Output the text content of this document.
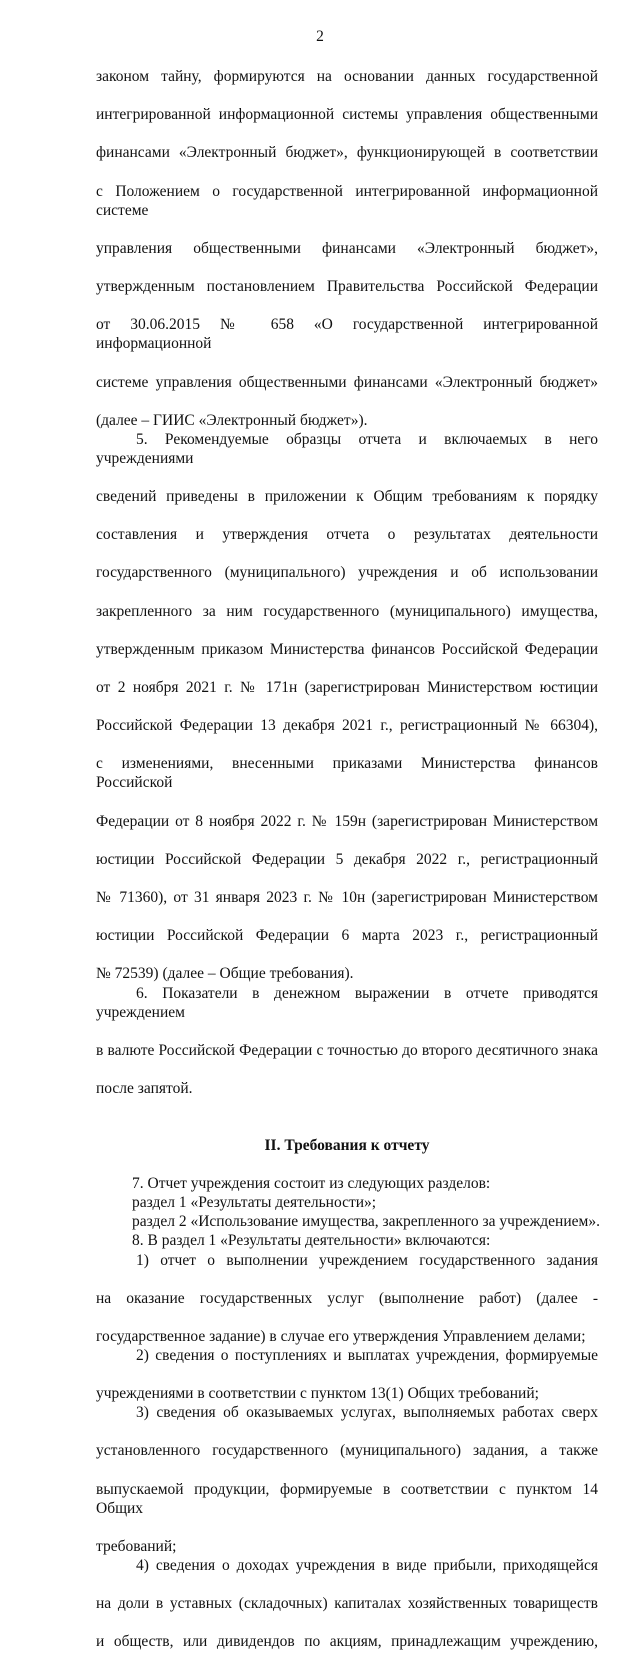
2
законом тайну, формируются на основании данных государственной
интегрированной информационной системы управления общественными
финансами «Электронный бюджет», функционирующей в соответствии
с Положением о государственной интегрированной информационной системе
управления общественными финансами «Электронный бюджет»,
утвержденным постановлением Правительства Российской Федерации
от 30.06.2015 № 658 «О государственной интегрированной информационной
системе управления общественными финансами «Электронный бюджет»
(далее – ГИИС «Электронный бюджет»).
5. Рекомендуемые образцы отчета и включаемых в него учреждениями
сведений приведены в приложении к Общим требованиям к порядку
составления и утверждения отчета о результатах деятельности
государственного (муниципального) учреждения и об использовании
закрепленного за ним государственного (муниципального) имущества,
утвержденным приказом Министерства финансов Российской Федерации
от 2 ноября 2021 г. № 171н (зарегистрирован Министерством юстиции
Российской Федерации 13 декабря 2021 г., регистрационный № 66304),
с изменениями, внесенными приказами Министерства финансов Российской
Федерации от 8 ноября 2022 г. № 159н (зарегистрирован Министерством
юстиции Российской Федерации 5 декабря 2022 г., регистрационный
№ 71360), от 31 января 2023 г. № 10н (зарегистрирован Министерством
юстиции Российской Федерации 6 марта 2023 г., регистрационный
№ 72539) (далее – Общие требования).
6. Показатели в денежном выражении в отчете приводятся учреждением
в валюте Российской Федерации с точностью до второго десятичного знака
после запятой.
II. Требования к отчету
7. Отчет учреждения состоит из следующих разделов:
раздел 1 «Результаты деятельности»;
раздел 2 «Использование имущества, закрепленного за учреждением».
8. В раздел 1 «Результаты деятельности» включаются:
1) отчет о выполнении учреждением государственного задания
на оказание государственных услуг (выполнение работ) (далее -
государственное задание) в случае его утверждения Управлением делами;
2) сведения о поступлениях и выплатах учреждения, формируемые
учреждениями в соответствии с пунктом 13(1) Общих требований;
3) сведения об оказываемых услугах, выполняемых работах сверх
установленного государственного (муниципального) задания, а также
выпускаемой продукции, формируемые в соответствии с пунктом 14 Общих
требований;
4) сведения о доходах учреждения в виде прибыли, приходящейся
на доли в уставных (складочных) капиталах хозяйственных товариществ
и обществ, или дивидендов по акциям, принадлежащим учреждению,
